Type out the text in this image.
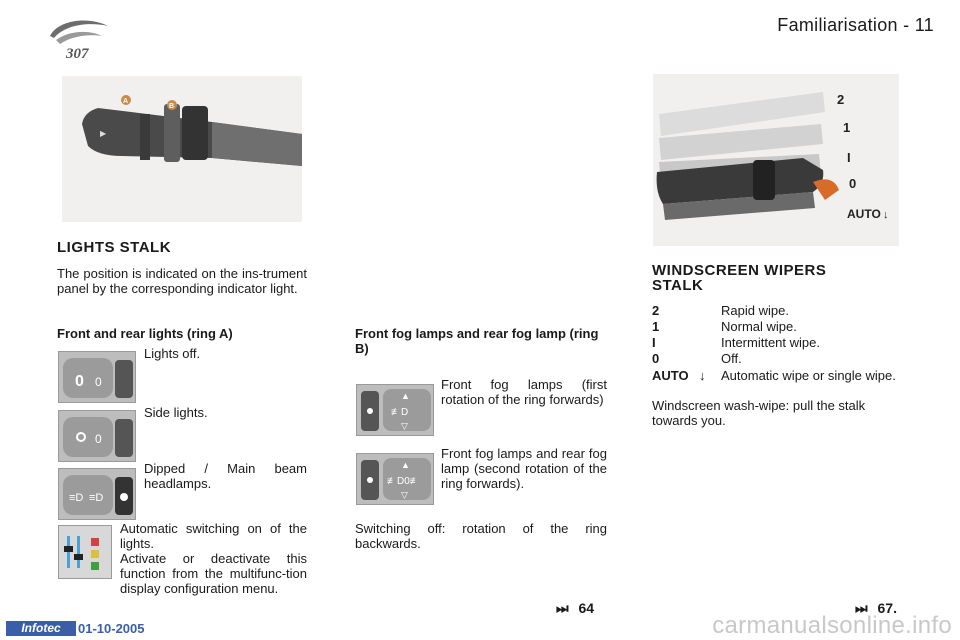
307
Familiarisation - 11
A
B
▶
LIGHTS STALK
The position is indicated on the ins-trument panel by the corresponding indicator light.
Front and rear lights (ring A)
0 0
Lights off.
0
Side lights.
≡D ≡D
Dipped / Main beam headlamps.
Automatic switching on of the lights.
Activate or deactivate this function from the multifunc-tion display configuration menu.
Front fog lamps and rear fog lamp (ring B)
▲
≢D
▽
Front fog lamps (first rotation of the ring forwards)
▲
≢D0≢
▽
Front fog lamps and rear fog lamp (second rotation of the ring forwards).
Switching off: rotation of the ring backwards.
2
1
I
0
AUTO ↓
WINDSCREEN WIPERS STALK
2	Rapid wipe.
1	Normal wipe.
I	Intermittent wipe.
0	Off.
AUTO ↓ Automatic wipe or single wipe.
Windscreen wash-wipe: pull the stalk towards you.
⏭ 64	⏭ 67.
Infotec	01-10-2005	carmanualsonline.info
